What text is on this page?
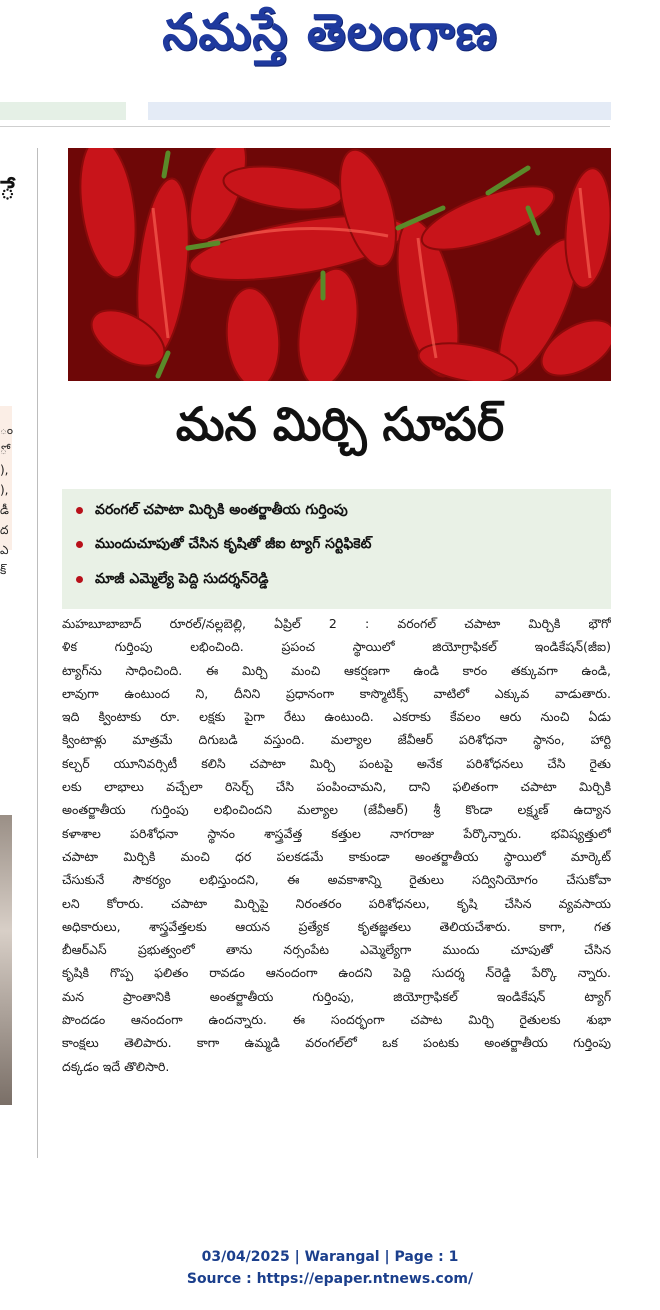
నమస్తే తెలంగాణ
ే
ం
ో
),
),
డీ
ద
ఎ
క్
మన మిర్చి సూపర్‌
వరంగల్‌ చపాటా మిర్చికి అంతర్జాతీయ గుర్తింపు
ముందుచూపుతో చేసిన కృషితో జీఐ ట్యాగ్‌ సర్టిఫికెట్‌
మాజీ ఎమ్మెల్యే పెద్ది సుదర్శన్‌రెడ్డి
మహబూబాబాద్‌ రూరల్‌/నల్లబెల్లి, ఏప్రిల్‌ 2 : వరంగల్‌ చపాటా మిర్చికి భౌగో
ళిక గుర్తింపు లభించింది. ప్రపంచ స్థాయిలో జియోగ్రాఫికల్‌ ఇండికేషన్‌(జీఐ)
ట్యాగ్‌ను సాధించింది. ఈ మిర్చి మంచి ఆకర్షణగా ఉండి కారం తక్కువగా ఉండి,
లావుగా ఉంటుంద ని, దీనిని ప్రధానంగా కాస్మొటిక్స్‌ వాటిలో ఎక్కువ వాడుతారు.
ఇది క్వింటాకు రూ. లక్షకు పైగా రేటు ఉంటుంది. ఎకరాకు కేవలం ఆరు నుంచి ఏడు
క్వింటాళ్లు మాత్రమే దిగుబడి వస్తుంది. మల్యాల జేవీఆర్‌ పరిశోధనా స్థానం, హార్టి
కల్చర్‌ యూనివర్సిటీ కలిసి చపాటా మిర్చి పంటపై అనేక పరిశోధనలు చేసి రైతు
లకు లాభాలు వచ్చేలా రిసెర్చ్‌ చేసి పంపించామని, దాని ఫలితంగా చపాటా మిర్చికి
అంతర్జాతీయ గుర్తింపు లభించిందని మల్యాల (జేవీఆర్‌) శ్రీ కొండా లక్ష్మణ్‌ ఉద్యాన
కళాశాల పరిశోధనా స్థానం శాస్త్రవేత్త కత్తుల నాగరాజు పేర్కొన్నారు. భవిష్యత్తులో
చపాటా మిర్చికి మంచి ధర పలకడమే కాకుండా అంతర్జాతీయ స్థాయిలో మార్కెట్‌
చేసుకునే సౌకర్యం లభిస్తుందని, ఈ అవకాశాన్ని రైతులు సద్వినియోగం చేసుకోవా
లని కోరారు. చపాటా మిర్చిపై నిరంతరం పరిశోధనలు, కృషి చేసిన వ్యవసాయ
అధికారులు, శాస్త్రవేత్తలకు ఆయన ప్రత్యేక కృతజ్ఞతలు తెలియచేశారు. కాగా, గత
బీఆర్‌ఎస్‌ ప్రభుత్వంలో తాను నర్సంపేట ఎమ్మెల్యేగా ముందు చూపుతో చేసిన
కృషికి గొప్ప ఫలితం రావడం ఆనందంగా ఉందని పెద్ది సుదర్శ న్‌రెడ్డి పేర్కొ న్నారు.
మన ప్రాంతానికి అంతర్జాతీయ గుర్తింపు, జియోగ్రాఫికల్‌ ఇండికేషన్‌ ట్యాగ్‌
పొందడం ఆనందంగా ఉందన్నారు. ఈ సందర్భంగా చపాట మిర్చి రైతులకు శుభా
కాంక్షలు తెలిపారు. కాగా ఉమ్మడి వరంగల్‌లో ఒక పంటకు అంతర్జాతీయ గుర్తింపు
దక్కడం ఇదే తొలిసారి.
03/04/2025 | Warangal | Page : 1
Source : https://epaper.ntnews.com/
